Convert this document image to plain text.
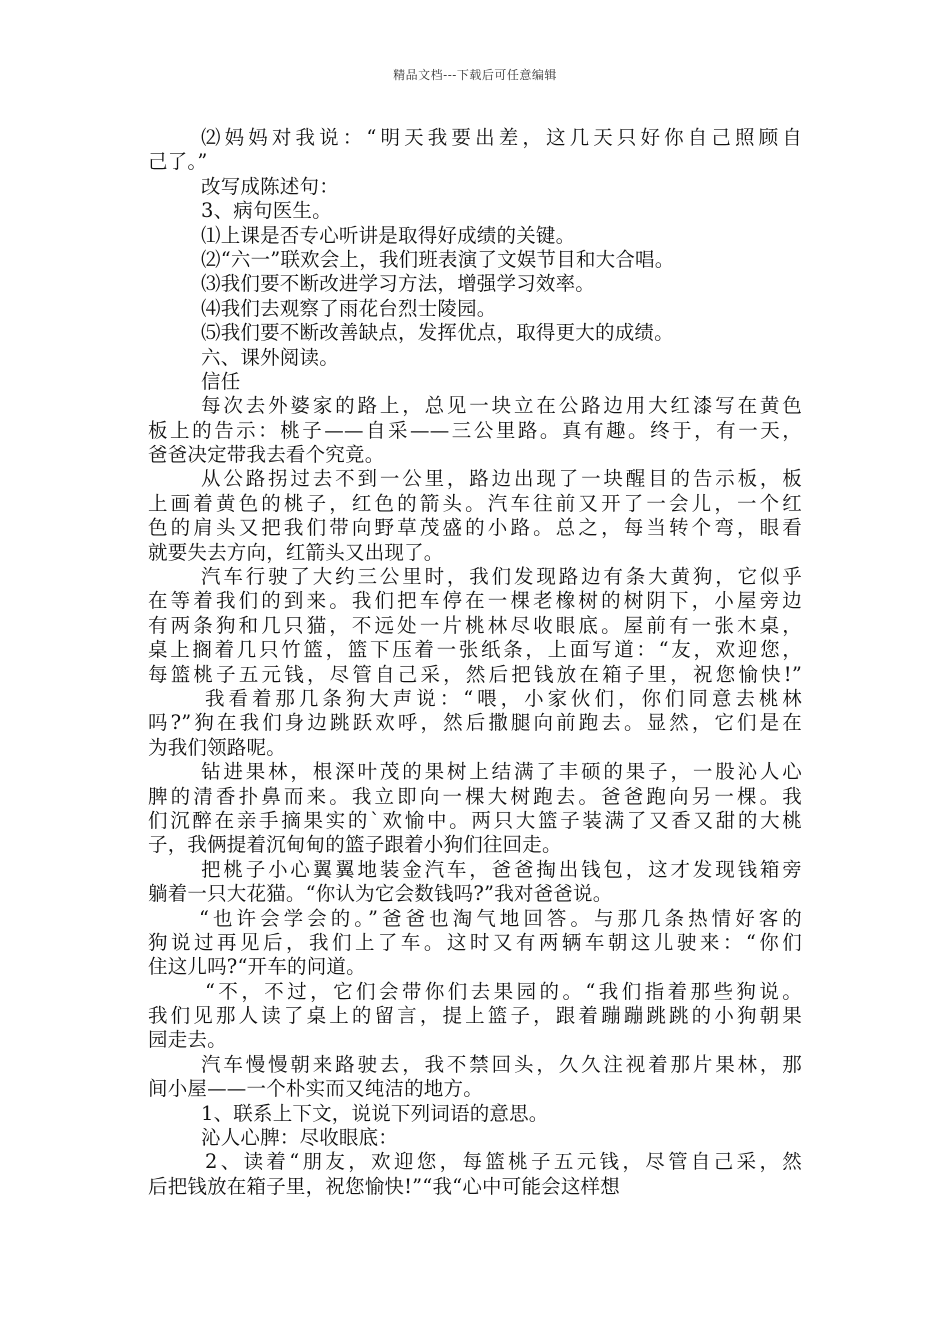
精品文档---下载后可任意编辑
⑵妈妈对我说：“明天我要出差，这几天只好你自己照顾自
己了。”
改写成陈述句：
3、病句医生。
⑴上课是否专心听讲是取得好成绩的关键。
⑵“六一”联欢会上，我们班表演了文娱节目和大合唱。
⑶我们要不断改进学习方法，增强学习效率。
⑷我们去观察了雨花台烈士陵园。
⑸我们要不断改善缺点，发挥优点，取得更大的成绩。
六、课外阅读。
信任
每次去外婆家的路上，总见一块立在公路边用大红漆写在黄色
板上的告示：桃子——自采——三公里路。真有趣。终于，有一天，
爸爸决定带我去看个究竟。
从公路拐过去不到一公里，路边出现了一块醒目的告示板，板
上画着黄色的桃子，红色的箭头。汽车往前又开了一会儿，一个红
色的肩头又把我们带向野草茂盛的小路。总之，每当转个弯，眼看
就要失去方向，红箭头又出现了。
汽车行驶了大约三公里时，我们发现路边有条大黄狗，它似乎
在等着我们的到来。我们把车停在一棵老橡树的树阴下，小屋旁边
有两条狗和几只猫，不远处一片桃林尽收眼底。屋前有一张木桌，
桌上搁着几只竹篮，篮下压着一张纸条，上面写道：“友，欢迎您，
每篮桃子五元钱，尽管自己采，然后把钱放在箱子里，祝您愉快!”
我看着那几条狗大声说：“喂，小家伙们，你们同意去桃林
吗?”狗在我们身边跳跃欢呼，然后撒腿向前跑去。显然，它们是在
为我们领路呢。
钻进果林，根深叶茂的果树上结满了丰硕的果子，一股沁人心
脾的清香扑鼻而来。我立即向一棵大树跑去。爸爸跑向另一棵。我
们沉醉在亲手摘果实的`欢愉中。两只大篮子装满了又香又甜的大桃
子，我俩提着沉甸甸的篮子跟着小狗们往回走。
把桃子小心翼翼地装金汽车，爸爸掏出钱包，这才发现钱箱旁
躺着一只大花猫。“你认为它会数钱吗?”我对爸爸说。
“也许会学会的。”爸爸也淘气地回答。与那几条热情好客的
狗说过再见后，我们上了车。这时又有两辆车朝这儿驶来：“你们
住这儿吗?“开车的问道。
“不，不过，它们会带你们去果园的。“我们指着那些狗说。
我们见那人读了桌上的留言，提上篮子，跟着蹦蹦跳跳的小狗朝果
园走去。
汽车慢慢朝来路驶去，我不禁回头，久久注视着那片果林，那
间小屋——一个朴实而又纯洁的地方。
1、联系上下文，说说下列词语的意思。
沁人心脾：尽收眼底：
2、读着“朋友，欢迎您，每篮桃子五元钱，尽管自己采，然
后把钱放在箱子里，祝您愉快!”“我“心中可能会这样想
